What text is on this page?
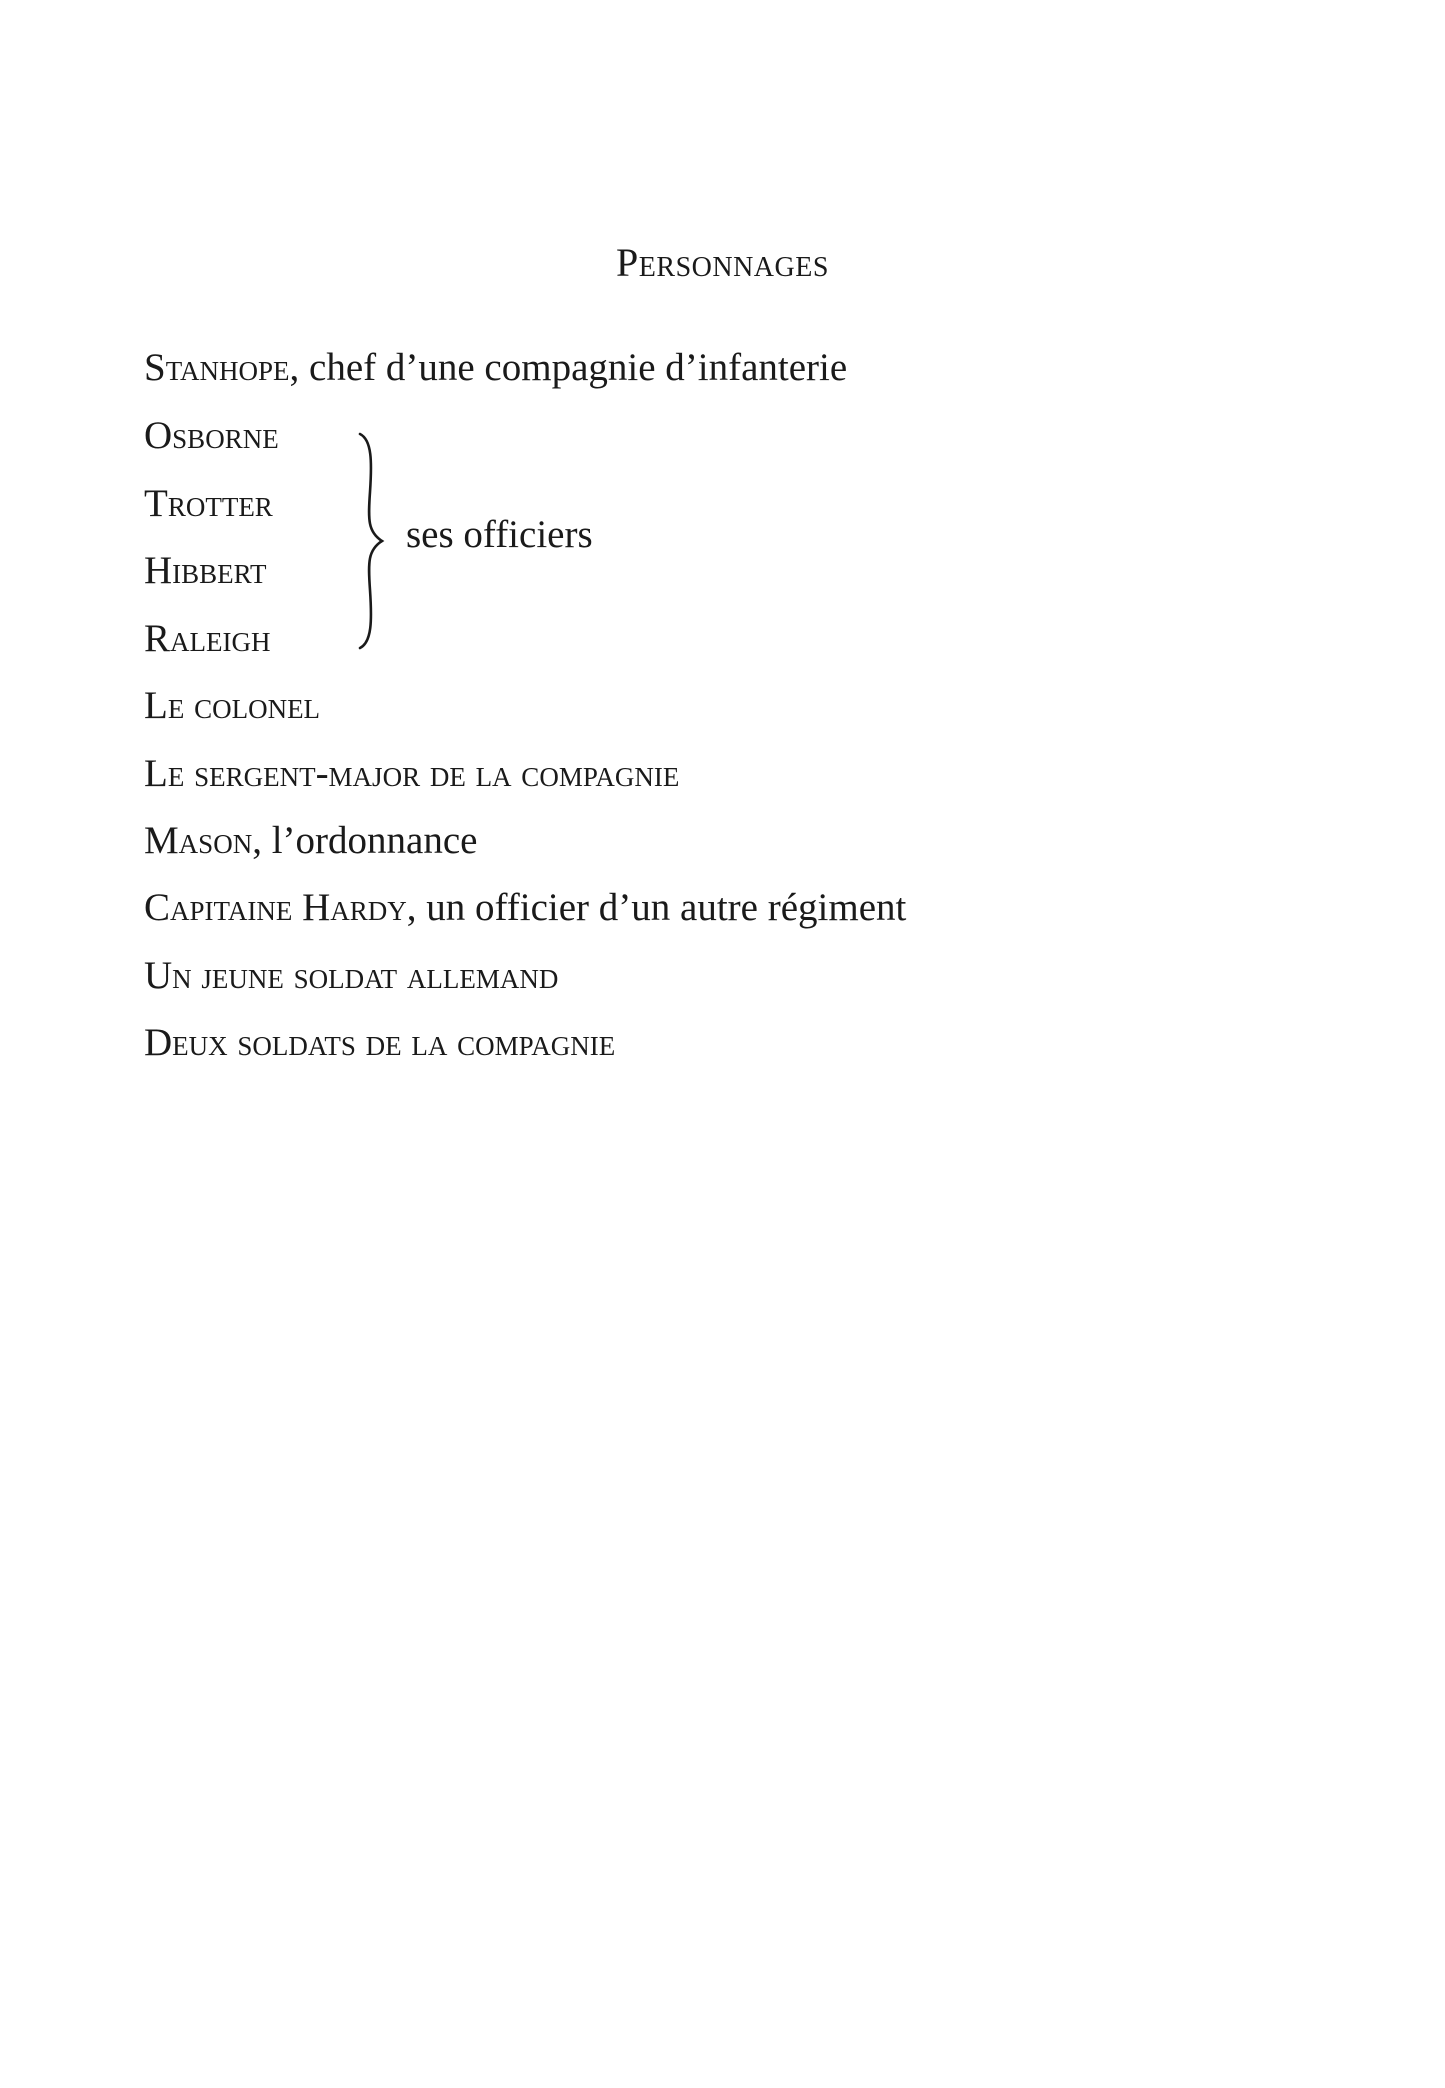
Personnages
Stanhope, chef d’une compagnie d’infanterie
Osborne
Trotter
Hibbert
Raleigh
ses officiers
Le colonel
Le sergent-major de la compagnie
Mason, l’ordonnance
Capitaine Hardy, un officier d’un autre régiment
Un jeune soldat allemand
Deux soldats de la compagnie
